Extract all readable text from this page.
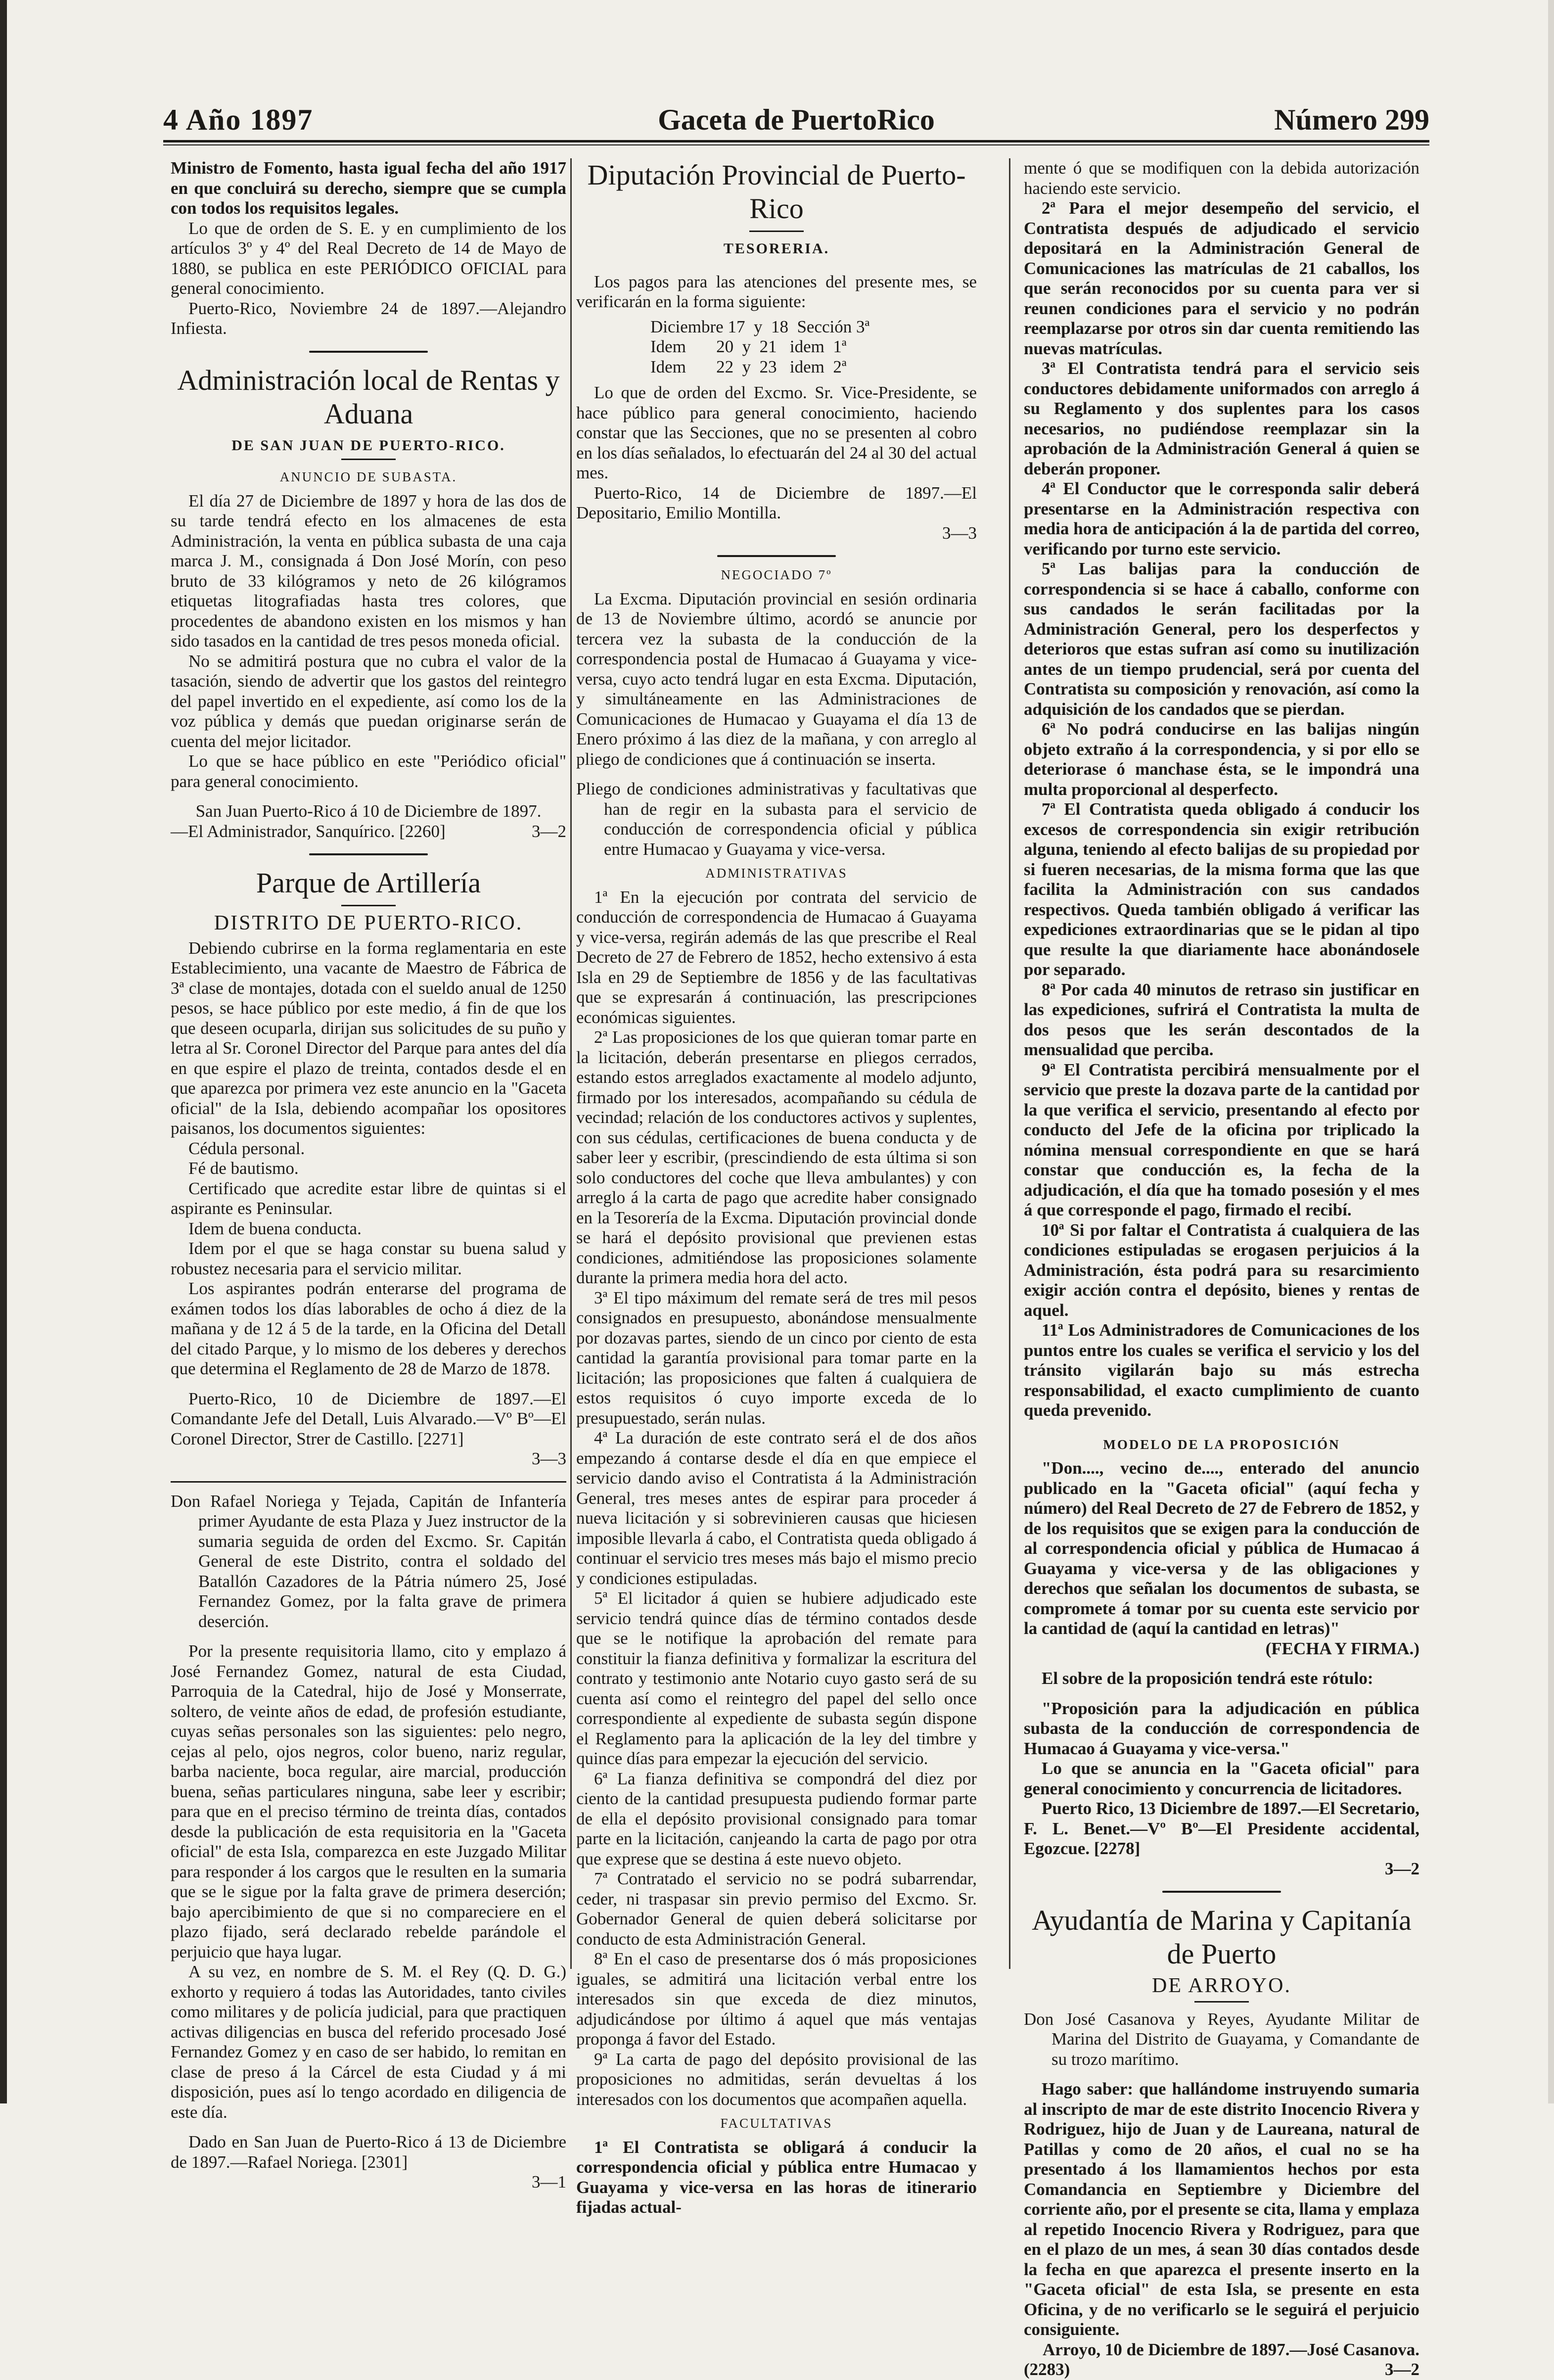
4 Año 1897	Gaceta de PuertoRico	Número 299

Ministro de Fomento, hasta igual fecha del año 1917 en que concluirá su derecho, siempre que se cumpla con todos los requisitos legales.

Lo que de orden de S. E. y en cumplimiento de los artículos 3º y 4º del Real Decreto de 14 de Mayo de 1880, se publica en este PERIÓDICO OFICIAL para general conocimiento.

Puerto-Rico, Noviembre 24 de 1897.—Alejandro Infiesta.

Administración local de Rentas y Aduana
DE SAN JUAN DE PUERTO-RICO.
ANUNCIO DE SUBASTA.

El día 27 de Diciembre de 1897 y hora de las dos de su tarde tendrá efecto en los almacenes de esta Administración, la venta en pública subasta de una caja marca J. M., consignada á Don José Morín, con peso bruto de 33 kilógramos y neto de 26 kilógramos etiquetas litografiadas hasta tres colores, que procedentes de abandono existen en los mismos y han sido tasados en la cantidad de tres pesos moneda oficial.

No se admitirá postura que no cubra el valor de la tasación, siendo de advertir que los gastos del reintegro del papel invertido en el expediente, así como los de la voz pública y demás que puedan originarse serán de cuenta del mejor licitador.

Lo que se hace público en este "Periódico oficial" para general conocimiento.

San Juan Puerto-Rico á 10 de Diciembre de 1897.

—El Administrador, Sanquírico. [2260]	3—2
Parque de Artillería
DISTRITO DE PUERTO-RICO.

Debiendo cubrirse en la forma reglamentaria en este Establecimiento, una vacante de Maestro de Fábrica de 3ª clase de montajes, dotada con el sueldo anual de 1250 pesos, se hace público por este medio, á fin de que los que deseen ocuparla, dirijan sus solicitudes de su puño y letra al Sr. Coronel Director del Parque para antes del día en que espire el plazo de treinta, contados desde el en que aparezca por primera vez este anuncio en la "Gaceta oficial" de la Isla, debiendo acompañar los opositores paisanos, los documentos siguientes:

Cédula personal.

Fé de bautismo.

Certificado que acredite estar libre de quintas si el aspirante es Peninsular.

Idem de buena conducta.

Idem por el que se haga constar su buena salud y robustez necesaria para el servicio militar.

Los aspirantes podrán enterarse del programa de exámen todos los días laborables de ocho á diez de la mañana y de 12 á 5 de la tarde, en la Oficina del Detall del citado Parque, y lo mismo de los deberes y derechos que determina el Reglamento de 28 de Marzo de 1878.

Puerto-Rico, 10 de Diciembre de 1897.—El Comandante Jefe del Detall, Luis Alvarado.—Vº Bº—El Coronel Director, Strer de Castillo. [2271]

3—3

Don Rafael Noriega y Tejada, Capitán de Infantería primer Ayudante de esta Plaza y Juez instructor de la sumaria seguida de orden del Excmo. Sr. Capitán General de este Distrito, contra el soldado del Batallón Cazadores de la Pátria número 25, José Fernandez Gomez, por la falta grave de primera deserción.

Por la presente requisitoria llamo, cito y emplazo á José Fernandez Gomez, natural de esta Ciudad, Parroquia de la Catedral, hijo de José y Monserrate, soltero, de veinte años de edad, de profesión estudiante, cuyas señas personales son las siguientes: pelo negro, cejas al pelo, ojos negros, color bueno, nariz regular, barba naciente, boca regular, aire marcial, producción buena, señas particulares ninguna, sabe leer y escribir; para que en el preciso término de treinta días, contados desde la publicación de esta requisitoria en la "Gaceta oficial" de esta Isla, comparezca en este Juzgado Militar para responder á los cargos que le resulten en la sumaria que se le sigue por la falta grave de primera deserción; bajo apercibimiento de que si no compareciere en el plazo fijado, será declarado rebelde parándole el perjuicio que haya lugar.

A su vez, en nombre de S. M. el Rey (Q. D. G.) exhorto y requiero á todas las Autoridades, tanto civiles como militares y de policía judicial, para que practiquen activas diligencias en busca del referido procesado José Fernandez Gomez y en caso de ser habido, lo remitan en clase de preso á la Cárcel de esta Ciudad y á mi disposición, pues así lo tengo acordado en diligencia de este día.

Dado en San Juan de Puerto-Rico á 13 de Diciembre de 1897.—Rafael Noriega. [2301]

3—1

Diputación Provincial de Puerto-Rico
TESORERIA.

Los pagos para las atenciones del presente mes, se verificarán en la forma siguiente:

Diciembre 17  y  18  Sección 3ª
Idem       20  y  21   idem  1ª
Idem       22  y  23   idem  2ª

Lo que de orden del Excmo. Sr. Vice-Presidente, se hace público para general conocimiento, haciendo constar que las Secciones, que no se presenten al cobro en los días señalados, lo efectuarán del 24 al 30 del actual mes.

Puerto-Rico, 14 de Diciembre de 1897.—El Depositario, Emilio Montilla.

3—3

NEGOCIADO 7º

La Excma. Diputación provincial en sesión ordinaria de 13 de Noviembre último, acordó se anuncie por tercera vez la subasta de la conducción de la correspondencia postal de Humacao á Guayama y vice-versa, cuyo acto tendrá lugar en esta Excma. Diputación, y simultáneamente en las Administraciones de Comunicaciones de Humacao y Guayama el día 13 de Enero próximo á las diez de la mañana, y con arreglo al pliego de condiciones que á continuación se inserta.

Pliego de condiciones administrativas y facultativas que han de regir en la subasta para el servicio de conducción de correspondencia oficial y pública entre Humacao y Guayama y vice-versa.

ADMINISTRATIVAS

1ª En la ejecución por contrata del servicio de conducción de correspondencia de Humacao á Guayama y vice-versa, regirán además de las que prescribe el Real Decreto de 27 de Febrero de 1852, hecho extensivo á esta Isla en 29 de Septiembre de 1856 y de las facultativas que se expresarán á continuación, las prescripciones económicas siguientes.

2ª Las proposiciones de los que quieran tomar parte en la licitación, deberán presentarse en pliegos cerrados, estando estos arreglados exactamente al modelo adjunto, firmado por los interesados, acompañando su cédula de vecindad; relación de los conductores activos y suplentes, con sus cédulas, certificaciones de buena conducta y de saber leer y escribir, (prescindiendo de esta última si son solo conductores del coche que lleva ambulantes) y con arreglo á la carta de pago que acredite haber consignado en la Tesorería de la Excma. Diputación provincial donde se hará el depósito provisional que previenen estas condiciones, admitiéndose las proposiciones solamente durante la primera media hora del acto.

3ª El tipo máximum del remate será de tres mil pesos consignados en presupuesto, abonándose mensualmente por dozavas partes, siendo de un cinco por ciento de esta cantidad la garantía provisional para tomar parte en la licitación; las proposiciones que falten á cualquiera de estos requisitos ó cuyo importe exceda de lo presupuestado, serán nulas.

4ª La duración de este contrato será el de dos años empezando á contarse desde el día en que empiece el servicio dando aviso el Contratista á la Administración General, tres meses antes de espirar para proceder á nueva licitación y si sobrevinieren causas que hiciesen imposible llevarla á cabo, el Contratista queda obligado á continuar el servicio tres meses más bajo el mismo precio y condiciones estipuladas.

5ª El licitador á quien se hubiere adjudicado este servicio tendrá quince días de término contados desde que se le notifique la aprobación del remate para constituir la fianza definitiva y formalizar la escritura del contrato y testimonio ante Notario cuyo gasto será de su cuenta así como el reintegro del papel del sello once correspondiente al expediente de subasta según dispone el Reglamento para la aplicación de la ley del timbre y quince días para empezar la ejecución del servicio.

6ª La fianza definitiva se compondrá del diez por ciento de la cantidad presupuesta pudiendo formar parte de ella el depósito provisional consignado para tomar parte en la licitación, canjeando la carta de pago por otra que exprese que se destina á este nuevo objeto.

7ª Contratado el servicio no se podrá subarrendar, ceder, ni traspasar sin previo permiso del Excmo. Sr. Gobernador General de quien deberá solicitarse por conducto de esta Administración General.

8ª En el caso de presentarse dos ó más proposiciones iguales, se admitirá una licitación verbal entre los interesados sin que exceda de diez minutos, adjudicándose por último á aquel que más ventajas proponga á favor del Estado.

9ª La carta de pago del depósito provisional de las proposiciones no admitidas, serán devueltas á los interesados con los documentos que acompañen aquella.

FACULTATIVAS

1ª El Contratista se obligará á conducir la correspondencia oficial y pública entre Humacao y Guayama y vice-versa en las horas de itinerario fijadas actual-

mente ó que se modifiquen con la debida autorización haciendo este servicio.

2ª Para el mejor desempeño del servicio, el Contratista después de adjudicado el servicio depositará en la Administración General de Comunicaciones las matrículas de 21 caballos, los que serán reconocidos por su cuenta para ver si reunen condiciones para el servicio y no podrán reemplazarse por otros sin dar cuenta remitiendo las nuevas matrículas.

3ª El Contratista tendrá para el servicio seis conductores debidamente uniformados con arreglo á su Reglamento y dos suplentes para los casos necesarios, no pudiéndose reemplazar sin la aprobación de la Administración General á quien se deberán proponer.

4ª El Conductor que le corresponda salir deberá presentarse en la Administración respectiva con media hora de anticipación á la de partida del correo, verificando por turno este servicio.

5ª Las balijas para la conducción de correspondencia si se hace á caballo, conforme con sus candados le serán facilitadas por la Administración General, pero los desperfectos y deterioros que estas sufran así como su inutilización antes de un tiempo prudencial, será por cuenta del Contratista su composición y renovación, así como la adquisición de los candados que se pierdan.

6ª No podrá conducirse en las balijas ningún objeto extraño á la correspondencia, y si por ello se deteriorase ó manchase ésta, se le impondrá una multa proporcional al desperfecto.

7ª El Contratista queda obligado á conducir los excesos de correspondencia sin exigir retribución alguna, teniendo al efecto balijas de su propiedad por si fueren necesarias, de la misma forma que las que facilita la Administración con sus candados respectivos. Queda también obligado á verificar las expediciones extraordinarias que se le pidan al tipo que resulte la que diariamente hace abonándosele por separado.

8ª Por cada 40 minutos de retraso sin justificar en las expediciones, sufrirá el Contratista la multa de dos pesos que les serán descontados de la mensualidad que perciba.

9ª El Contratista percibirá mensualmente por el servicio que preste la dozava parte de la cantidad por la que verifica el servicio, presentando al efecto por conducto del Jefe de la oficina por triplicado la nómina mensual correspondiente en que se hará constar que conducción es, la fecha de la adjudicación, el día que ha tomado posesión y el mes á que corresponde el pago, firmado el recibí.

10ª Si por faltar el Contratista á cualquiera de las condiciones estipuladas se erogasen perjuicios á la Administración, ésta podrá para su resarcimiento exigir acción contra el depósito, bienes y rentas de aquel.

11ª Los Administradores de Comunicaciones de los puntos entre los cuales se verifica el servicio y los del tránsito vigilarán bajo su más estrecha responsabilidad, el exacto cumplimiento de cuanto queda prevenido.

MODELO DE LA PROPOSICIÓN

"Don...., vecino de...., enterado del anuncio publicado en la "Gaceta oficial" (aquí fecha y número) del Real Decreto de 27 de Febrero de 1852, y de los requisitos que se exigen para la conducción de al correspondencia oficial y pública de Humacao á Guayama y vice-versa y de las obligaciones y derechos que señalan los documentos de subasta, se compromete á tomar por su cuenta este servicio por la cantidad de (aquí la cantidad en letras)"

(FECHA Y FIRMA.)

El sobre de la proposición tendrá este rótulo:

"Proposición para la adjudicación en pública subasta de la conducción de correspondencia de Humacao á Guayama y vice-versa."

Lo que se anuncia en la "Gaceta oficial" para general conocimiento y concurrencia de licitadores.

Puerto Rico, 13 Diciembre de 1897.—El Secretario, F. L. Benet.—Vº Bº—El Presidente accidental, Egozcue. [2278]

3—2

Ayudantía de Marina y Capitanía de Puerto
DE ARROYO.

Don José Casanova y Reyes, Ayudante Militar de Marina del Distrito de Guayama, y Comandante de su trozo marítimo.

Hago saber: que hallándome instruyendo sumaria al inscripto de mar de este distrito Inocencio Rivera y Rodriguez, hijo de Juan y de Laureana, natural de Patillas y como de 20 años, el cual no se ha presentado á los llamamientos hechos por esta Comandancia en Septiembre y Diciembre del corriente año, por el presente se cita, llama y emplaza al repetido Inocencio Rivera y Rodriguez, para que en el plazo de un mes, á sean 30 días contados desde la fecha en que aparezca el presente inserto en la "Gaceta oficial" de esta Isla, se presente en esta Oficina, y de no verificarlo se le seguirá el perjuicio consiguiente.

Arroyo, 10 de Diciembre de 1897.—José Casanova.

(2283)	3—2
